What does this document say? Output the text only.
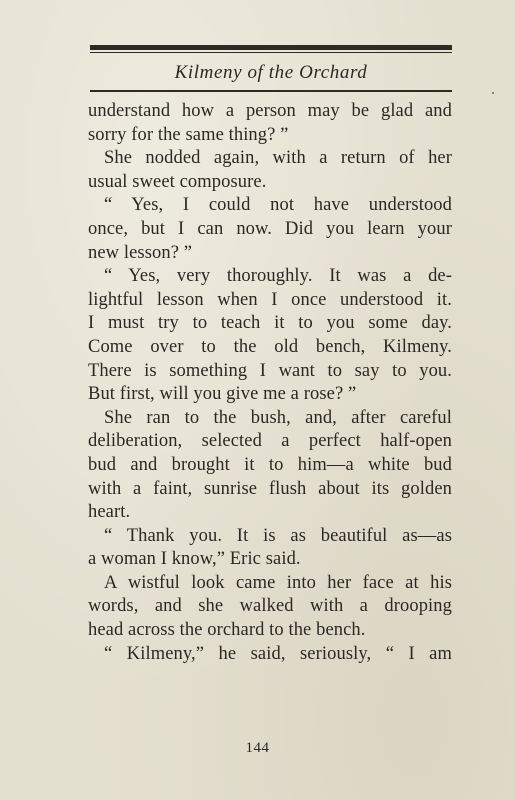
Kilmeny of the Orchard
understand how a person may be glad and
sorry for the same thing? ”
She nodded again, with a return of her
usual sweet composure.
“ Yes, I could not have understood
once, but I can now. Did you learn your
new lesson? ”
“ Yes, very thoroughly. It was a de-
lightful lesson when I once understood it.
I must try to teach it to you some day.
Come over to the old bench, Kilmeny.
There is something I want to say to you.
But first, will you give me a rose? ”
She ran to the bush, and, after careful
deliberation, selected a perfect half-open
bud and brought it to him—a white bud
with a faint, sunrise flush about its golden
heart.
“ Thank you. It is as beautiful as—as
a woman I know,” Eric said.
A wistful look came into her face at his
words, and she walked with a drooping
head across the orchard to the bench.
“ Kilmeny,” he said, seriously, “ I am
144
